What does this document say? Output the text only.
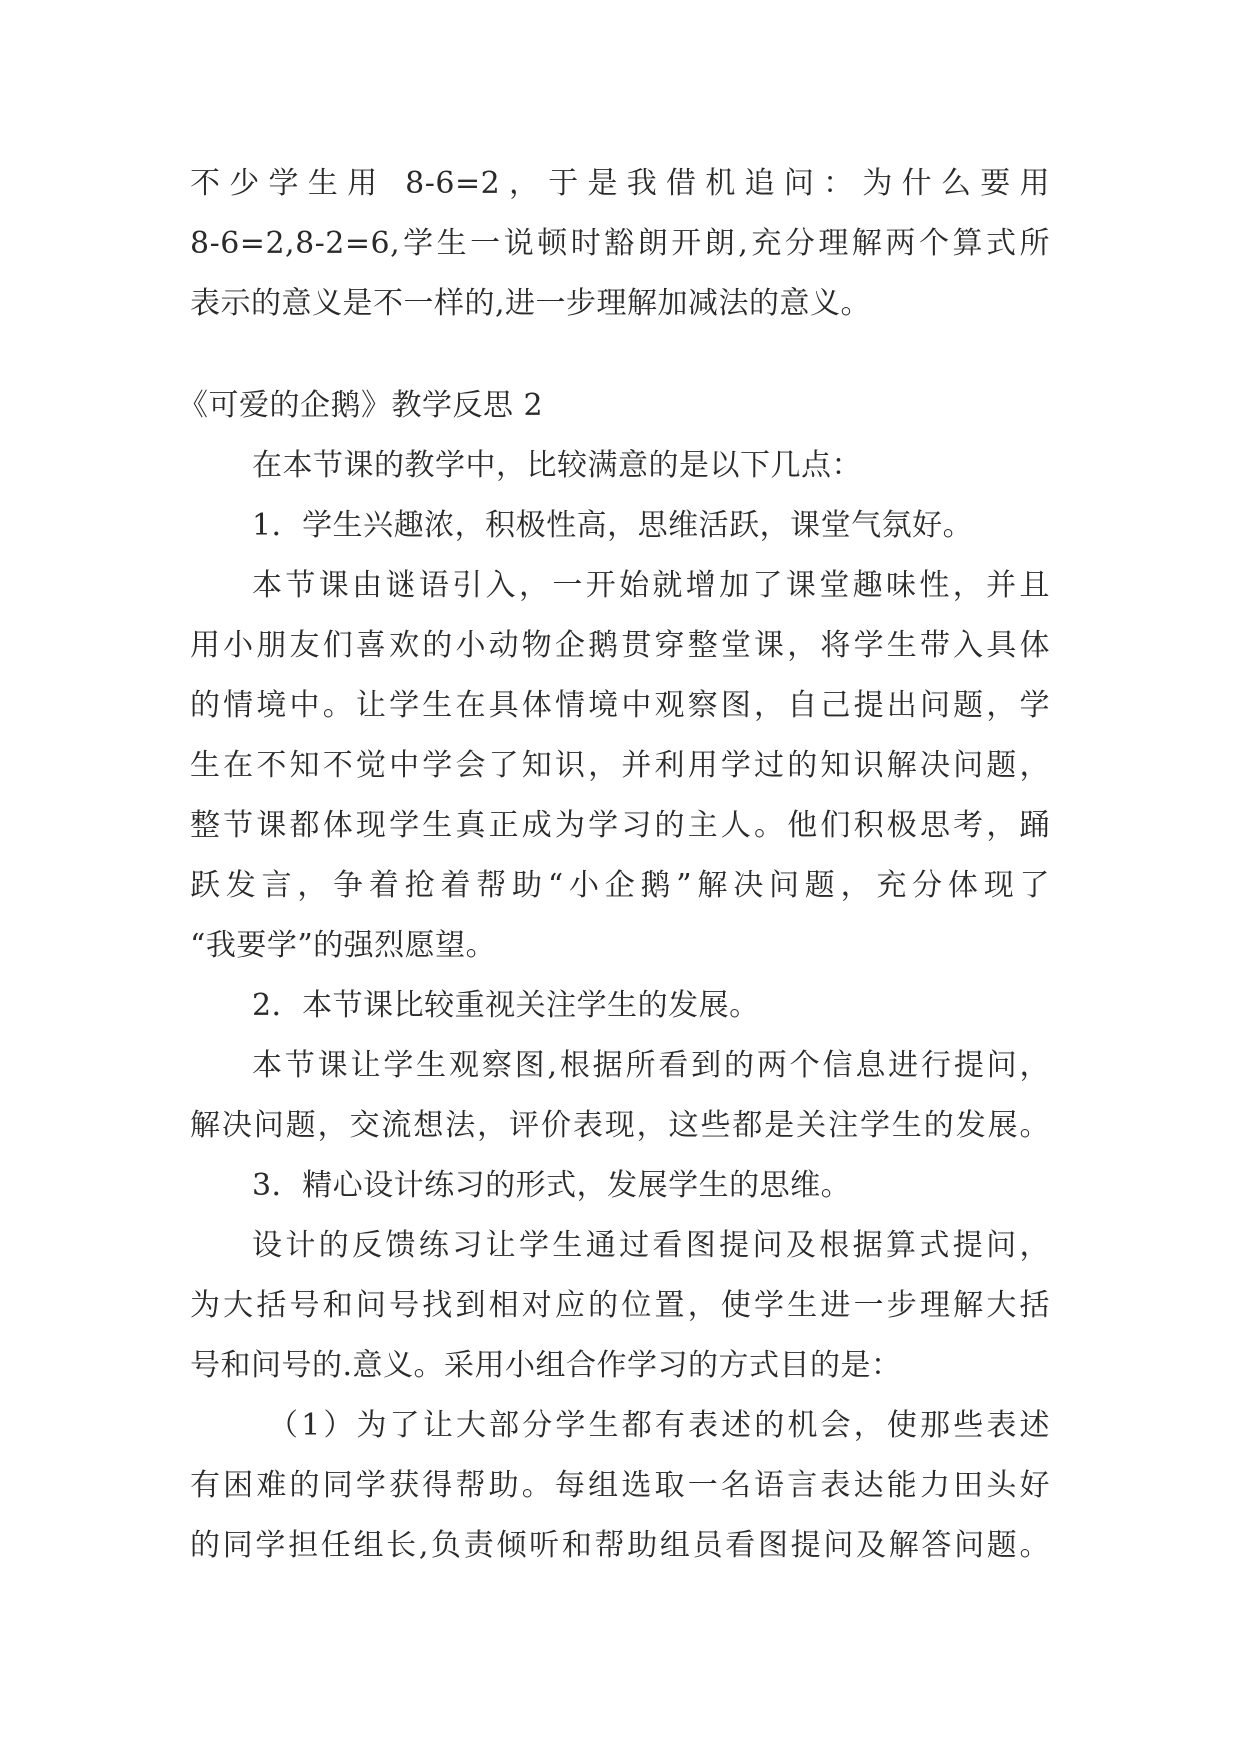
不少学生用 8-6=2，于是我借机追问：为什么要用
8-6=2,8-2=6,学生一说顿时豁朗开朗,充分理解两个算式所
表示的意义是不一样的,进一步理解加减法的意义。
《可爱的企鹅》教学反思 2
在本节课的教学中，比较满意的是以下几点：
1．学生兴趣浓，积极性高，思维活跃，课堂气氛好。
本节课由谜语引入，一开始就增加了课堂趣味性，并且
用小朋友们喜欢的小动物企鹅贯穿整堂课，将学生带入具体
的情境中。让学生在具体情境中观察图，自己提出问题，学
生在不知不觉中学会了知识，并利用学过的知识解决问题，
整节课都体现学生真正成为学习的主人。他们积极思考，踊
跃发言，争着抢着帮助“小企鹅”解决问题，充分体现了
“我要学”的强烈愿望。
2．本节课比较重视关注学生的发展。
本节课让学生观察图,根据所看到的两个信息进行提问，
解决问题，交流想法，评价表现，这些都是关注学生的发展。
3．精心设计练习的形式，发展学生的思维。
设计的反馈练习让学生通过看图提问及根据算式提问，
为大括号和问号找到相对应的位置，使学生进一步理解大括
号和问号的.意义。采用小组合作学习的方式目的是：
（1）为了让大部分学生都有表述的机会，使那些表述
有困难的同学获得帮助。每组选取一名语言表达能力田头好
的同学担任组长,负责倾听和帮助组员看图提问及解答问题。
